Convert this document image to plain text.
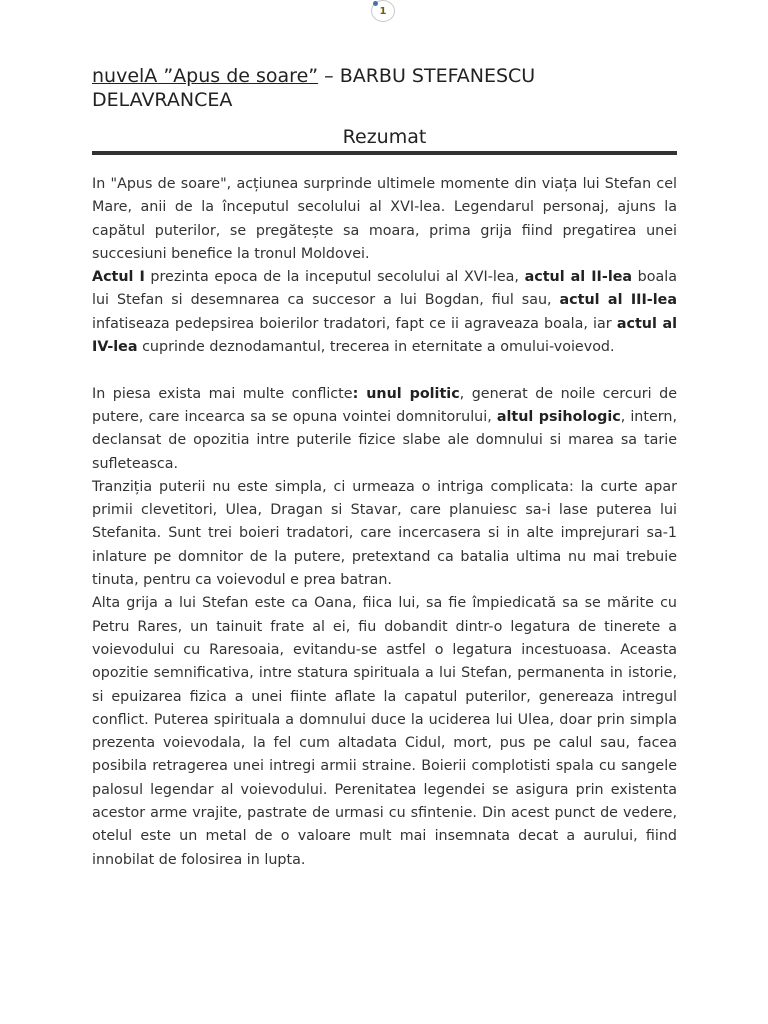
1
nuvelA ”Apus de soare” – BARBU STEFANESCU DELAVRANCEA
Rezumat

In "Apus de soare", acțiunea surprinde ultimele momente din viața lui Stefan cel Mare, anii de la începutul secolului al XVI-lea. Legendarul personaj, ajuns la capătul puterilor, se pregătește sa moara, prima grija fiind pregatirea unei succesiuni benefice la tronul Moldovei.

Actul I prezinta epoca de la inceputul secolului al XVI-lea, actul al II-lea boala lui Stefan si desemnarea ca succesor a lui Bogdan, fiul sau, actul al III-lea infatiseaza pedepsirea boierilor tradatori, fapt ce ii agraveaza boala, iar actul al IV-lea cuprinde deznodamantul, trecerea in eternitate a omului-voievod.

In piesa exista mai multe conflicte: unul politic, generat de noile cercuri de putere, care incearca sa se opuna vointei domnitorului, altul psihologic, intern, declansat de opozitia intre puterile fizice slabe ale domnului si marea sa tarie sufleteasca.

Tranziția puterii nu este simpla, ci urmeaza o intriga complicata: la curte apar primii clevetitori, Ulea, Dragan si Stavar, care planuiesc sa-i lase puterea lui Stefanita. Sunt trei boieri tradatori, care incercasera si in alte imprejurari sa-1 inlature pe domnitor de la putere, pretextand ca batalia ultima nu mai trebuie tinuta, pentru ca voievodul e prea batran.

Alta grija a lui Stefan este ca Oana, fiica lui, sa fie împiedicată sa se mărite cu Petru Rares, un tainuit frate al ei, fiu dobandit dintr-o legatura de tinerete a voievodului cu Raresoaia, evitandu-se astfel o legatura incestuoasa. Aceasta opozitie semnificativa, intre statura spirituala a lui Stefan, permanenta in istorie, si epuizarea fizica a unei fiinte aflate la capatul puterilor, genereaza intregul conflict. Puterea spirituala a domnului duce la uciderea lui Ulea, doar prin simpla prezenta voievodala, la fel cum altadata Cidul, mort, pus pe calul sau, facea posibila retragerea unei intregi armii straine. Boierii complotisti spala cu sangele palosul legendar al voievodului. Perenitatea legendei se asigura prin existenta acestor arme vrajite, pastrate de urmasi cu sfintenie. Din acest punct de vedere, otelul este un metal de o valoare mult mai insemnata decat a aurului, fiind innobilat de folosirea in lupta.
